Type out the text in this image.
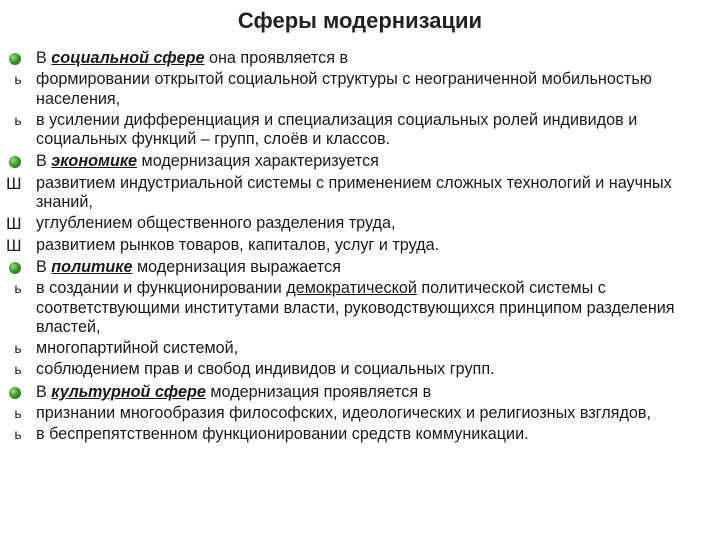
Сферы модернизации
В социальной сфере она проявляется в
ь формировании открытой социальной структуры с неограниченной мобильностью населения,
ь в усилении дифференциация и специализация социальных ролей индивидов и социальных функций – групп, слоёв и классов.
В экономике модернизация характеризуется
Ш развитием индустриальной системы с применением сложных технологий и научных знаний,
Ш углублением общественного разделения труда,
Ш развитием рынков товаров, капиталов, услуг и труда.
В политике модернизация выражается
ь в создании и функционировании демократической политической системы с соответствующими институтами власти, руководствующихся принципом разделения властей,
ь многопартийной системой,
ь соблюдением прав и свобод индивидов и социальных групп.
В культурной сфере модернизация проявляется в
ь признании многообразия философских, идеологических и религиозных взглядов,
ь в беспрепятственном функционировании средств коммуникации.
